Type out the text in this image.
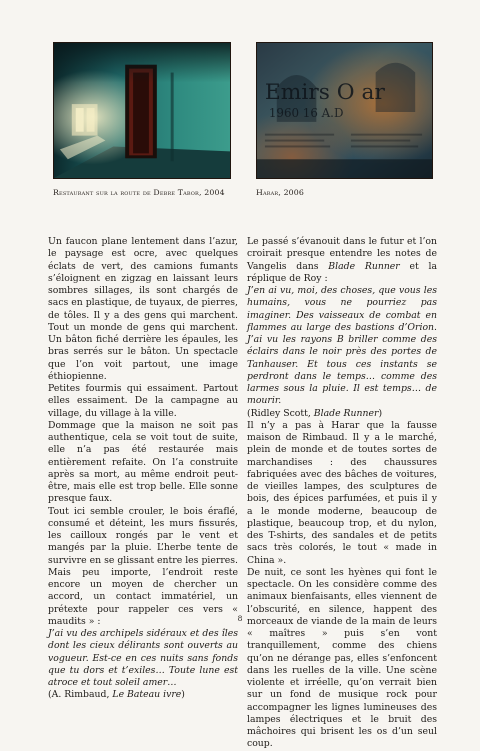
Emirs O ar
1960 16 A.D
Restaurant sur la route de Debre Tabor, 2004	Harar, 2006

Un faucon plane lentement dans l’azur, le paysage est ocre, avec quelques éclats de vert, des camions fumants s’éloignent en zigzag en laissant leurs sombres sillages, ils sont chargés de sacs en plastique, de tuyaux, de pierres, de tôles. Il y a des gens qui marchent. Tout un monde de gens qui marchent. Un bâton fiché derrière les épaules, les bras serrés sur le bâton. Un spectacle que l’on voit partout, une image éthiopienne.

Petites fourmis qui essaiment. Partout elles essaiment. De la campagne au village, du village à la ville.

Dommage que la maison ne soit pas authentique, cela se voit tout de suite, elle n’a pas été restaurée mais entièrement refaite. On l’a construite après sa mort, au même endroit peut-être, mais elle est trop belle. Elle sonne presque faux.

Tout ici semble crouler, le bois éraflé, consumé et déteint, les murs fissurés, les cailloux rongés par le vent et mangés par la pluie. L’herbe tente de survivre en se glissant entre les pierres. Mais peu importe, l’endroit reste encore un moyen de chercher un accord, un contact immatériel, un prétexte pour rappeler ces vers « maudits » :

J’ai vu des archipels sidéraux et des îles dont les cieux délirants sont ouverts au vogueur. Est-ce en ces nuits sans fonds que tu dors et t’exiles… Toute lune est atroce et tout soleil amer…

(A. Rimbaud, Le Bateau ivre)

Le passé s’évanouit dans le futur et l’on croirait presque entendre les notes de Vangelis dans Blade Runner et la réplique de Roy :

J’en ai vu, moi, des choses, que vous les humains, vous ne pourriez pas imaginer. Des vaisseaux de combat en flammes au large des bastions d’Orion. J’ai vu les rayons B briller comme des éclairs dans le noir près des portes de Tanhauser. Et tous ces instants se perdront dans le temps… comme des larmes sous la pluie. Il est temps… de mourir.

(Ridley Scott, Blade Runner)

Il n’y a pas à Harar que la fausse maison de Rimbaud. Il y a le marché, plein de monde et de toutes sortes de marchandises : des chaussures fabriquées avec des bâches de voitures, de vieilles lampes, des sculptures de bois, des épices parfumées, et puis il y a le monde moderne, beaucoup de plastique, beaucoup trop, et du nylon, des T-shirts, des sandales et de petits sacs très colorés, le tout « made in China ».

De nuit, ce sont les hyènes qui font le spectacle. On les considère comme des animaux bienfaisants, elles viennent de l’obscurité, en silence, happent des morceaux de viande de la main de leurs « maîtres » puis s’en vont tranquillement, comme des chiens qu’on ne dérange pas, elles s’enfoncent dans les ruelles de la ville. Une scène violente et irréelle, qu’on verrait bien sur un fond de musique rock pour accompagner les lignes lumineuses des lampes électriques et le bruit des mâchoires qui brisent les os d’un seul coup.

8
